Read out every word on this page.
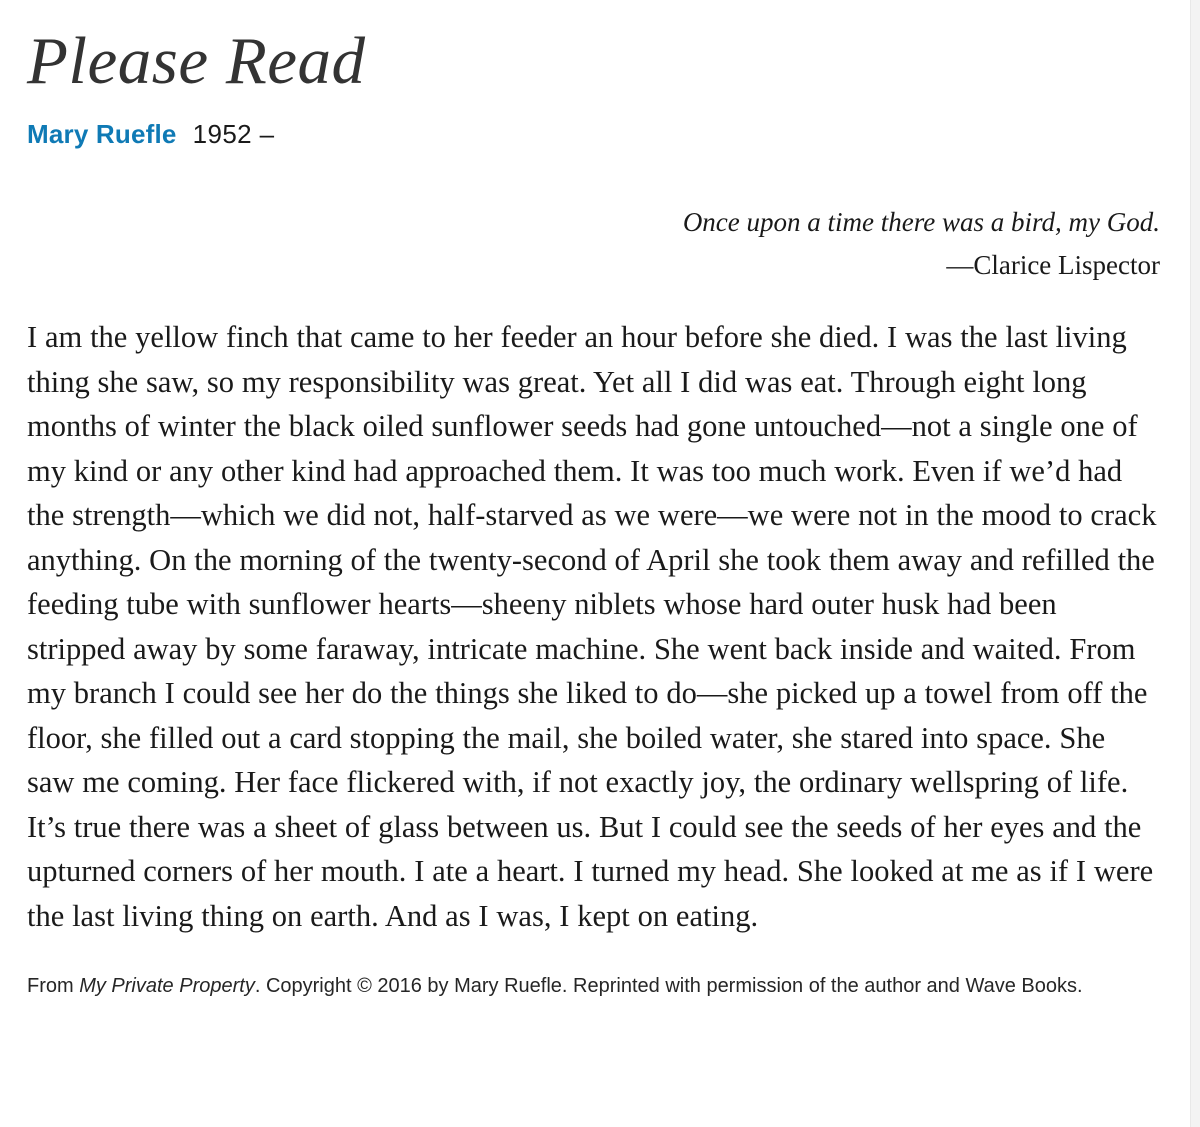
Please Read
Mary Ruefle 1952 –
Once upon a time there was a bird, my God.
—Clarice Lispector

I am the yellow finch that came to her feeder an hour before she died. I was the last living thing she saw, so my responsibility was great. Yet all I did was eat. Through eight long months of winter the black oiled sunflower seeds had gone untouched—not a single one of my kind or any other kind had approached them. It was too much work. Even if we’d had the strength—which we did not, half-starved as we were—we were not in the mood to crack anything. On the morning of the twenty-second of April she took them away and refilled the feeding tube with sunflower hearts—sheeny niblets whose hard outer husk had been stripped away by some faraway, intricate machine. She went back inside and waited. From my branch I could see her do the things she liked to do—she picked up a towel from off the floor, she filled out a card stopping the mail, she boiled water, she stared into space. She saw me coming. Her face flickered with, if not exactly joy, the ordinary wellspring of life. It’s true there was a sheet of glass between us. But I could see the seeds of her eyes and the upturned corners of her mouth. I ate a heart. I turned my head. She looked at me as if I were the last living thing on earth. And as I was, I kept on eating.

From My Private Property. Copyright © 2016 by Mary Ruefle. Reprinted with permission of the author and Wave Books.
